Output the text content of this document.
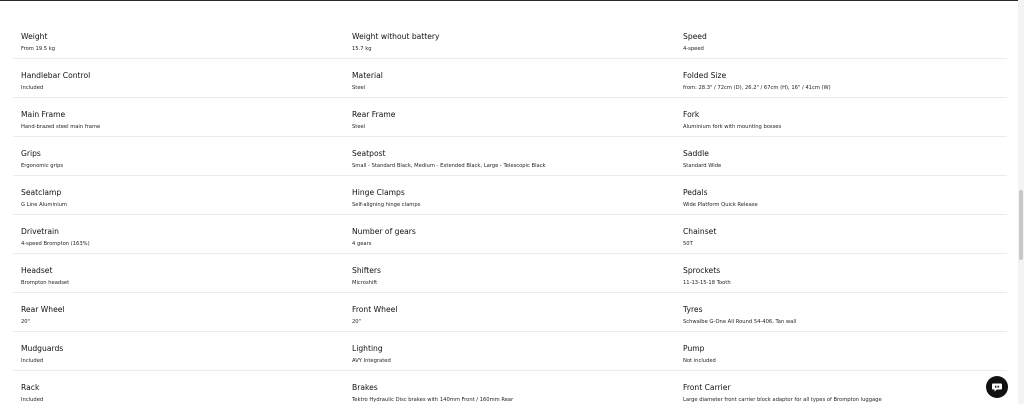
Weight
From 19.5 kg
Weight without battery
15.7 kg
Speed
4-speed
Handlebar Control
Included
Material
Steel
Folded Size
from: 28.3" / 72cm (D), 26.2" / 67cm (H), 16" / 41cm (W)
Main Frame
Hand-brazed steel main frame
Rear Frame
Steel
Fork
Aluminium fork with mounting bosses
Grips
Ergonomic grips
Seatpost
Small - Standard Black, Medium - Extended Black, Large - Telescopic Black
Saddle
Standard Wide
Seatclamp
G Line Aluminium
Hinge Clamps
Self-aligning hinge clamps
Pedals
Wide Platform Quick Release
Drivetrain
4-speed Brompton (163%)
Number of gears
4 gears
Chainset
50T
Headset
Brompton headset
Shifters
Microshift
Sprockets
11-13-15-18 Tooth
Rear Wheel
20"
Front Wheel
20"
Tyres
Schwalbe G-One All Round 54-406, Tan wall
Mudguards
Included
Lighting
AVY Integrated
Pump
Not included
Rack
Included
Brakes
Tektro Hydraulic Disc brakes with 140mm Front / 160mm Rear
Front Carrier
Large diameter front carrier block adaptor for all types of Brompton luggage
